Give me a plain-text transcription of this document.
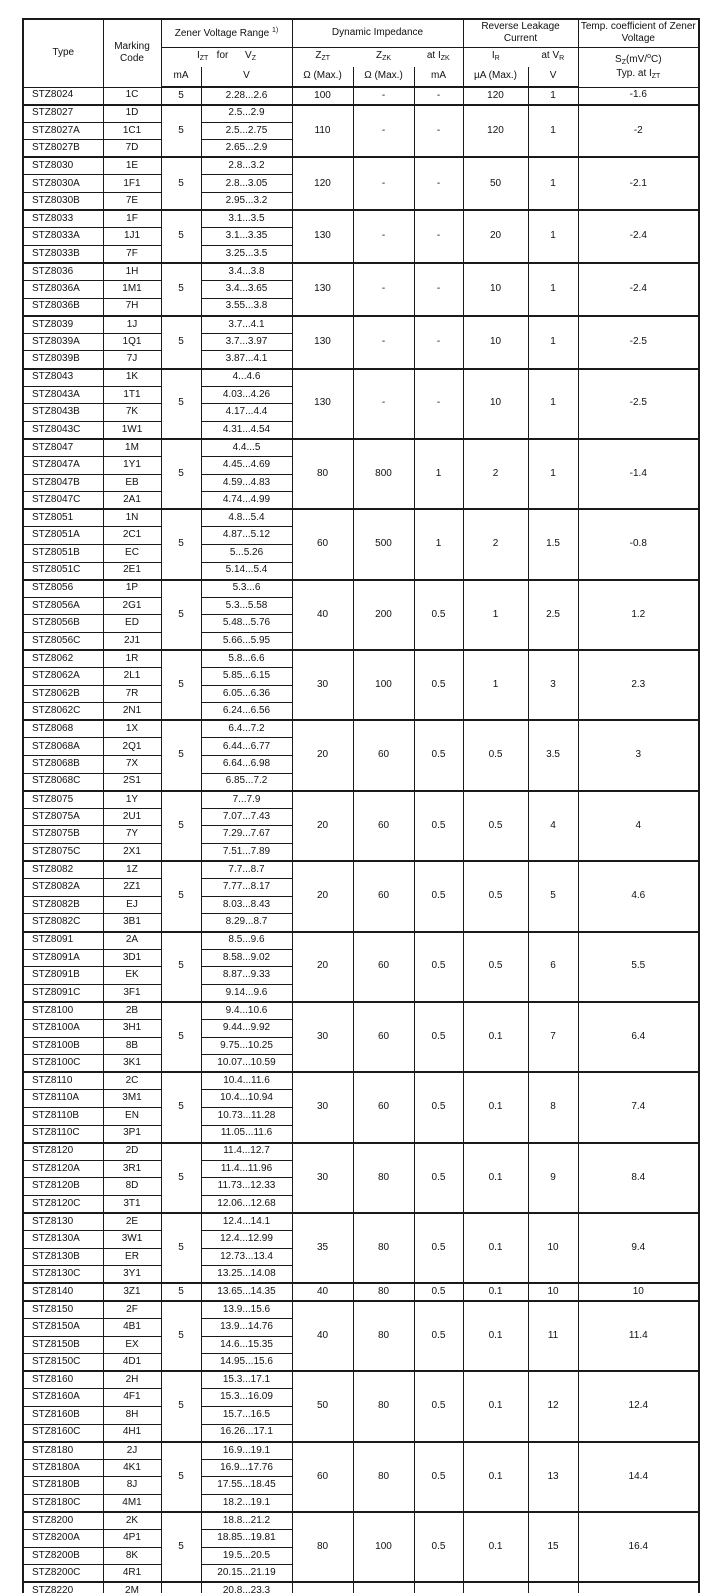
Type	Marking Code	Zener Voltage Range $^{1)}$		Dynamic Impedance			Reverse Leakage Current		Temp. coefficient of Zener Voltage
		$I_{ZT}$   for      $V_Z$		$Z_{ZT}$	$Z_{ZK}$	at $I_{ZK}$	$I_R$	at $V_R$	$S_Z(mV/^oC)$
Typ. at $I_{ZT}$

		mA	V	Ω (Max.)	Ω (Max.)	mA	µA (Max.)	V	
STZ8024	1C	5	2.28...2.6	100	-	-	120	1	-1.6
STZ8027	1D	5	2.5...2.9	110	-	-	120	1	-2
STZ8027A	1C1		2.5...2.75						
STZ8027B	7D		2.65...2.9						
STZ8030	1E	5	2.8...3.2	120	-	-	50	1	-2.1
STZ8030A	1F1		2.8...3.05						
STZ8030B	7E		2.95...3.2						
STZ8033	1F	5	3.1...3.5	130	-	-	20	1	-2.4
STZ8033A	1J1		3.1...3.35						
STZ8033B	7F		3.25...3.5						
STZ8036	1H	5	3.4...3.8	130	-	-	10	1	-2.4
STZ8036A	1M1		3.4...3.65						
STZ8036B	7H		3.55...3.8						
STZ8039	1J	5	3.7...4.1	130	-	-	10	1	-2.5
STZ8039A	1Q1		3.7...3.97						
STZ8039B	7J		3.87...4.1						
STZ8043	1K	5	4...4.6	130	-	-	10	1	-2.5
STZ8043A	1T1		4.03...4.26						
STZ8043B	7K		4.17...4.4						
STZ8043C	1W1		4.31...4.54						
STZ8047	1M	5	4.4...5	80	800	1	2	1	-1.4
STZ8047A	1Y1		4.45...4.69						
STZ8047B	EB		4.59...4.83						
STZ8047C	2A1		4.74...4.99						
STZ8051	1N	5	4.8...5.4	60	500	1	2	1.5	-0.8
STZ8051A	2C1		4.87...5.12						
STZ8051B	EC		5...5.26						
STZ8051C	2E1		5.14...5.4						
STZ8056	1P	5	5.3...6	40	200	0.5	1	2.5	1.2
STZ8056A	2G1		5.3...5.58						
STZ8056B	ED		5.48...5.76						
STZ8056C	2J1		5.66...5.95						
STZ8062	1R	5	5.8...6.6	30	100	0.5	1	3	2.3
STZ8062A	2L1		5.85...6.15						
STZ8062B	7R		6.05...6.36						
STZ8062C	2N1		6.24...6.56						
STZ8068	1X	5	6.4...7.2	20	60	0.5	0.5	3.5	3
STZ8068A	2Q1		6.44...6.77						
STZ8068B	7X		6.64...6.98						
STZ8068C	2S1		6.85...7.2						
STZ8075	1Y	5	7...7.9	20	60	0.5	0.5	4	4
STZ8075A	2U1		7.07...7.43						
STZ8075B	7Y		7.29...7.67						
STZ8075C	2X1		7.51...7.89						
STZ8082	1Z	5	7.7...8.7	20	60	0.5	0.5	5	4.6
STZ8082A	2Z1		7.77...8.17						
STZ8082B	EJ		8.03...8.43						
STZ8082C	3B1		8.29...8.7						
STZ8091	2A	5	8.5...9.6	20	60	0.5	0.5	6	5.5
STZ8091A	3D1		8.58...9.02						
STZ8091B	EK		8.87...9.33						
STZ8091C	3F1		9.14...9.6						
STZ8100	2B	5	9.4...10.6	30	60	0.5	0.1	7	6.4
STZ8100A	3H1		9.44...9.92						
STZ8100B	8B		9.75...10.25						
STZ8100C	3K1		10.07...10.59						
STZ8110	2C	5	10.4...11.6	30	60	0.5	0.1	8	7.4
STZ8110A	3M1		10.4...10.94						
STZ8110B	EN		10.73...11.28						
STZ8110C	3P1		11.05...11.6						
STZ8120	2D	5	11.4...12.7	30	80	0.5	0.1	9	8.4
STZ8120A	3R1		11.4...11.96						
STZ8120B	8D		11.73...12.33						
STZ8120C	3T1		12.06...12.68						
STZ8130	2E	5	12.4...14.1	35	80	0.5	0.1	10	9.4
STZ8130A	3W1		12.4...12.99						
STZ8130B	ER		12.73...13.4						
STZ8130C	3Y1		13.25...14.08						
STZ8140	3Z1	5	13.65...14.35	40	80	0.5	0.1	10	10
STZ8150	2F	5	13.9...15.6	40	80	0.5	0.1	11	11.4
STZ8150A	4B1		13.9...14.76						
STZ8150B	EX		14.6...15.35						
STZ8150C	4D1		14.95...15.6						
STZ8160	2H	5	15.3...17.1	50	80	0.5	0.1	12	12.4
STZ8160A	4F1		15.3...16.09						
STZ8160B	8H		15.7...16.5						
STZ8160C	4H1		16.26...17.1						
STZ8180	2J	5	16.9...19.1	60	80	0.5	0.1	13	14.4
STZ8180A	4K1		16.9...17.76						
STZ8180B	8J		17.55...18.45						
STZ8180C	4M1		18.2...19.1						
STZ8200	2K	5	18.8...21.2	80	100	0.5	0.1	15	16.4
STZ8200A	4P1		18.85...19.81						
STZ8200B	8K		19.5...20.5						
STZ8200C	4R1		20.15...21.19						
STZ8220	2M		20.8...23.3						
